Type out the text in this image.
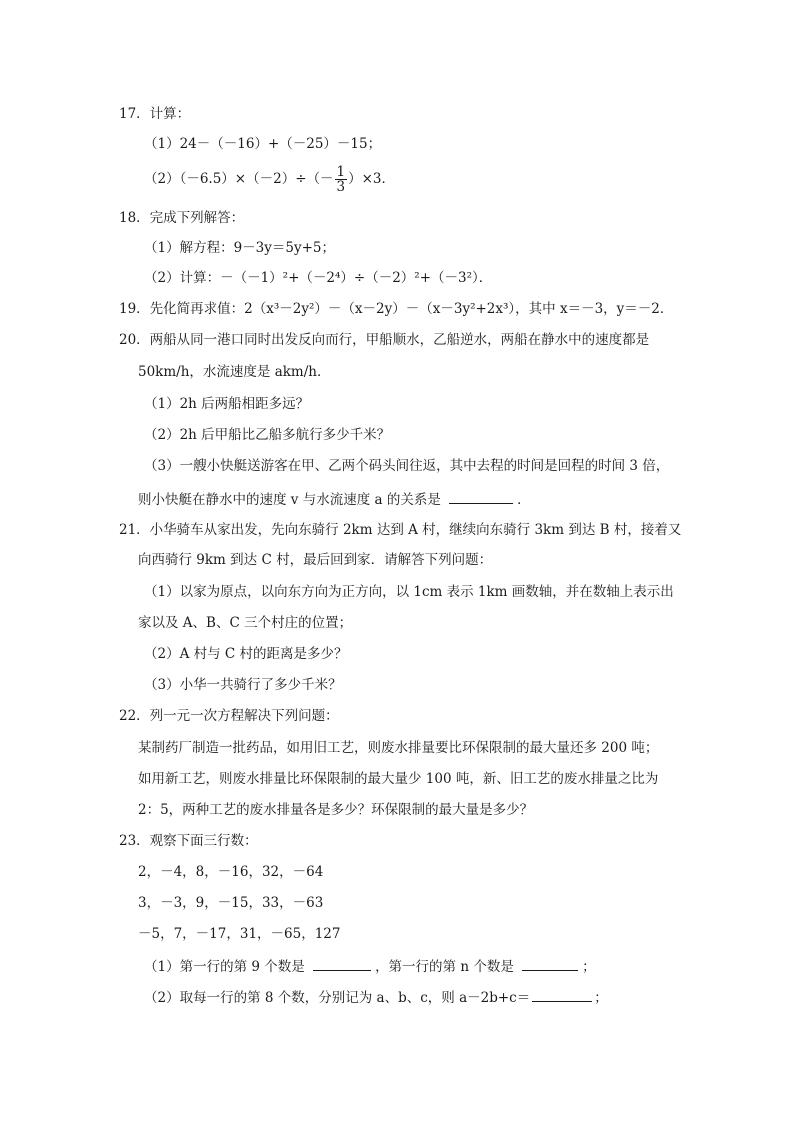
17．计算：
（1）24－（－16）+（－25）－15；
$(2)(-6.5)\times(-2)\div(- \frac{1}{3} )\times 3$．
18．完成下列解答：
（1）解方程：9－3y＝5y+5；
（2）计算：－（－1）²+（－2⁴）÷（－2）²+（－3²）．
19．先化简再求值：2（x³－2y²）－（x－2y）－（x－3y²+2x³），其中 x＝－3，y＝－2．
20．两船从同一港口同时出发反向而行，甲船顺水，乙船逆水，两船在静水中的速度都是
50km/h，水流速度是 akm/h．
（1）2h 后两船相距多远？
（2）2h 后甲船比乙船多航行多少千米？
（3）一艘小快艇送游客在甲、乙两个码头间往返，其中去程的时间是回程的时间 3 倍，
则小快艇在静水中的速度 v 与水流速度 a 的关系是	．
21．小华骑车从家出发，先向东骑行 2km 达到 A 村，继续向东骑行 3km 到达 B 村，接着又
向西骑行 9km 到达 C 村，最后回到家．请解答下列问题：
（1）以家为原点，以向东方向为正方向，以 1cm 表示 1km 画数轴，并在数轴上表示出
家以及 A、B、C 三个村庄的位置；
（2）A 村与 C 村的距离是多少？
（3）小华一共骑行了多少千米？
22．列一元一次方程解决下列问题：
某制药厂制造一批药品，如用旧工艺，则废水排量要比环保限制的最大量还多 200 吨；
如用新工艺，则废水排量比环保限制的最大量少 100 吨，新、旧工艺的废水排量之比为
2：5，两种工艺的废水排量各是多少？环保限制的最大量是多少？
23．观察下面三行数：
2，－4，8，－16，32，－64
3，－3，9，－15，33，－63
－5，7，－17，31，－65，127
（1）第一行的第 9 个数是	，第一行的第 n 个数是	；
（2）取每一行的第 8 个数，分别记为 a、b、c，则 a－2b+c＝	；
